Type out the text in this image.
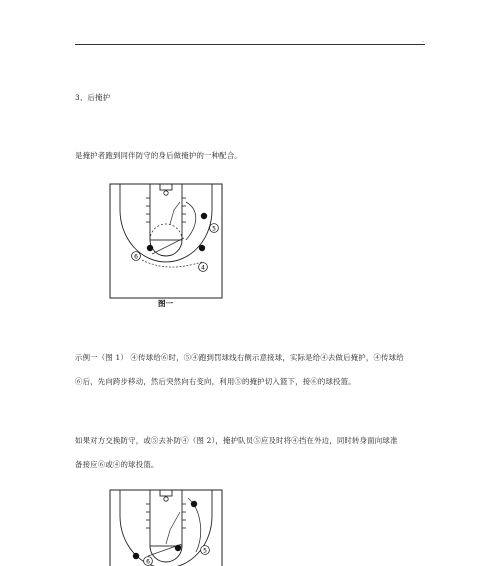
.
3、后掩护
是掩护者跑到同伴防守的身后做掩护的一种配合。
5
6
4
图一
示例一（图 1） ④传球给⑥时，⑤④跑到罚球线右侧示意接球，实际是给④去做后掩护，④传球给
⑥后，先向跨步移动，然后突然向右变向，利用⑤的掩护切入篮下，接⑥的球投篮。
如果对方交换防守，或⑤去补防④（图 2），掩护队员⑤应及时将④挡在外边，同时转身面向球准
备接应⑥或④的球投篮。
5
6
